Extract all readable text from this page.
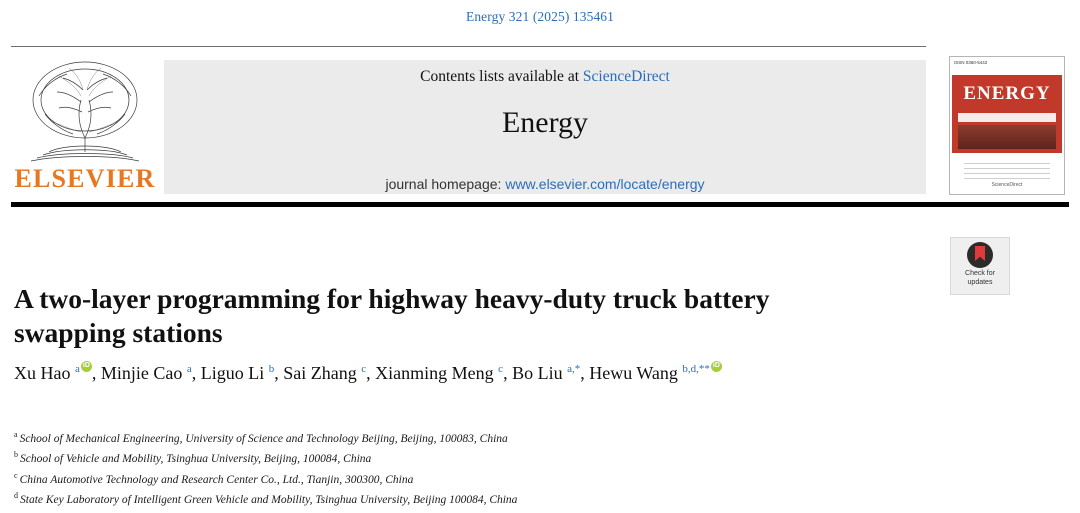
Energy 321 (2025) 135461
ELSEVIER
Contents lists available at ScienceDirect
Energy
journal homepage: www.elsevier.com/locate/energy
ISSN 0360-5442
ENERGY
ScienceDirect
Check for
updates
A two-layer programming for highway heavy-duty truck battery swapping stations
Xu Hao $^a$ iD , Minjie Cao $^a$, Liguo Li $^b$, Sai Zhang $^c$, Xianming Meng $^c$, Bo Liu $^{a,*}$, Hewu Wang $^{b,d,**}$iD
$^a$ School of Mechanical Engineering, University of Science and Technology Beijing, Beijing, 100083, China
$^b$ School of Vehicle and Mobility, Tsinghua University, Beijing, 100084, China
$^c$ China Automotive Technology and Research Center Co., Ltd., Tianjin, 300300, China
$^d$ State Key Laboratory of Intelligent Green Vehicle and Mobility, Tsinghua University, Beijing 100084, China
